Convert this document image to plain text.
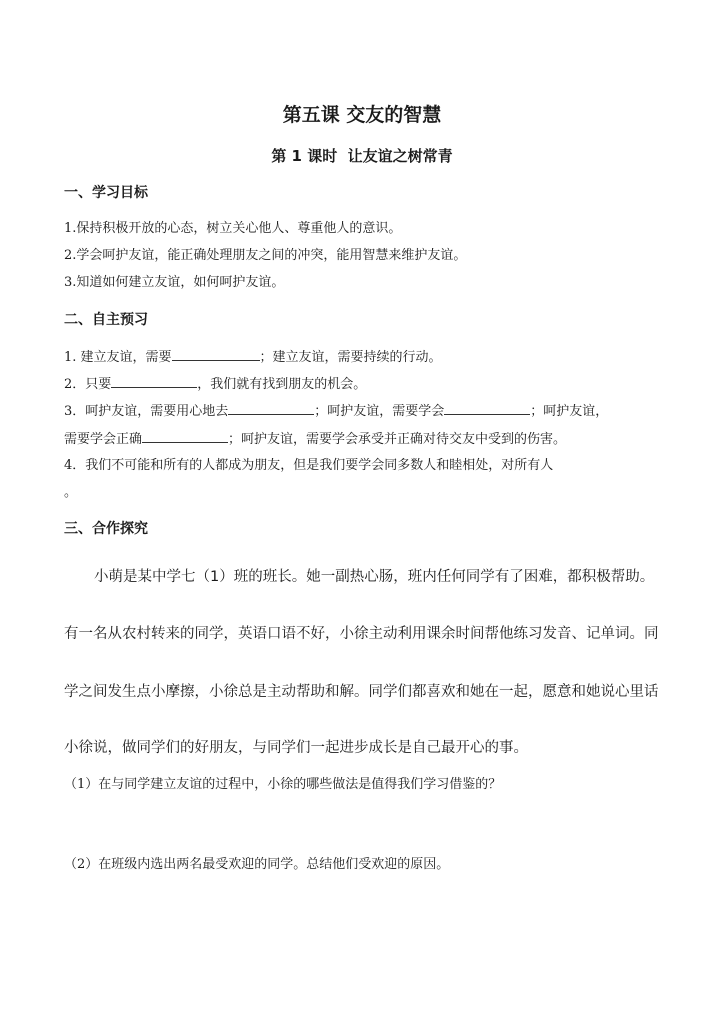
第五课 交友的智慧
第 1 课时  让友谊之树常青
一、学习目标
1.保持积极开放的心态，树立关心他人、尊重他人的意识。
2.学会呵护友谊，能正确处理朋友之间的冲突，能用智慧来维护友谊。
3.知道如何建立友谊，如何呵护友谊。
二、自主预习
1. 建立友谊，需要	；建立友谊，需要持续的行动。
2．只要	，我们就有找到朋友的机会。
3．呵护友谊，需要用心地去	；呵护友谊，需要学会	；呵护友谊，
需要学会正确	；呵护友谊，需要学会承受并正确对待交友中受到的伤害。
4．我们不可能和所有的人都成为朋友，但是我们要学会同多数人和睦相处，对所有人
。
三、合作探究
小萌是某中学七（1）班的班长。她一副热心肠，班内任何同学有了困难，都积极帮助。
有一名从农村转来的同学，英语口语不好，小徐主动利用课余时间帮他练习发音、记单词。同
学之间发生点小摩擦，小徐总是主动帮助和解。同学们都喜欢和她在一起，愿意和她说心里话
小徐说，做同学们的好朋友，与同学们一起进步成长是自己最开心的事。
（1）在与同学建立友谊的过程中，小徐的哪些做法是值得我们学习借鉴的？
（2）在班级内选出两名最受欢迎的同学。总结他们受欢迎的原因。
